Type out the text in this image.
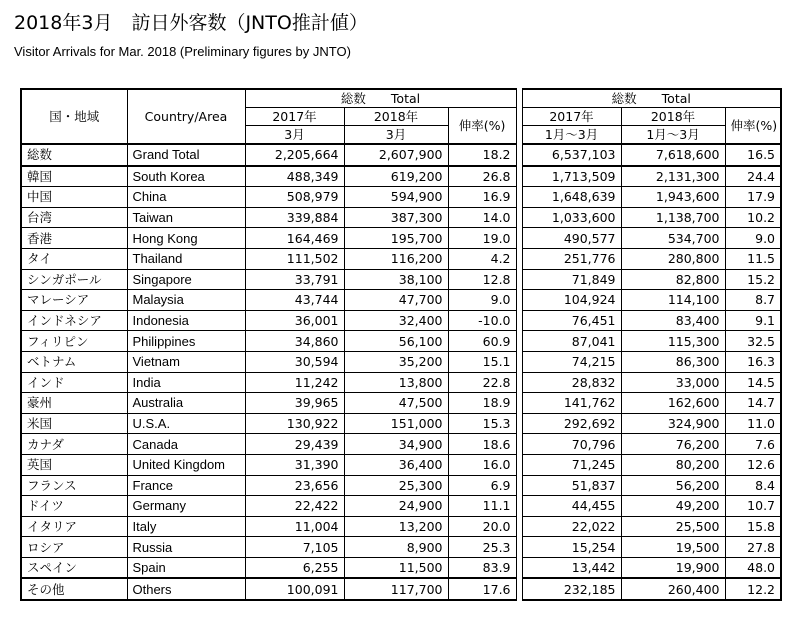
2018年3月　訪日外客数（JNTO推計値）
Visitor Arrivals for Mar. 2018 (Preliminary figures by JNTO)
国・地域	Country/Area	総数　　Total				総数　　Total		
		2017年	2018年	伸率(%)		2017年	2018年	伸率(%)
		3月	3月			1月～3月	1月～3月	
総数	Grand Total	2,205,664	2,607,900	18.2		6,537,103	7,618,600	16.5
韓国	South Korea	488,349	619,200	26.8		1,713,509	2,131,300	24.4
中国	China	508,979	594,900	16.9		1,648,639	1,943,600	17.9
台湾	Taiwan	339,884	387,300	14.0		1,033,600	1,138,700	10.2
香港	Hong Kong	164,469	195,700	19.0		490,577	534,700	9.0
タイ	Thailand	111,502	116,200	4.2		251,776	280,800	11.5
シンガポール	Singapore	33,791	38,100	12.8		71,849	82,800	15.2
マレーシア	Malaysia	43,744	47,700	9.0		104,924	114,100	8.7
インドネシア	Indonesia	36,001	32,400	-10.0		76,451	83,400	9.1
フィリピン	Philippines	34,860	56,100	60.9		87,041	115,300	32.5
ベトナム	Vietnam	30,594	35,200	15.1		74,215	86,300	16.3
インド	India	11,242	13,800	22.8		28,832	33,000	14.5
豪州	Australia	39,965	47,500	18.9		141,762	162,600	14.7
米国	U.S.A.	130,922	151,000	15.3		292,692	324,900	11.0
カナダ	Canada	29,439	34,900	18.6		70,796	76,200	7.6
英国	United Kingdom	31,390	36,400	16.0		71,245	80,200	12.6
フランス	France	23,656	25,300	6.9		51,837	56,200	8.4
ドイツ	Germany	22,422	24,900	11.1		44,455	49,200	10.7
イタリア	Italy	11,004	13,200	20.0		22,022	25,500	15.8
ロシア	Russia	7,105	8,900	25.3		15,254	19,500	27.8
スペイン	Spain	6,255	11,500	83.9		13,442	19,900	48.0
その他	Others	100,091	117,700	17.6		232,185	260,400	12.2
